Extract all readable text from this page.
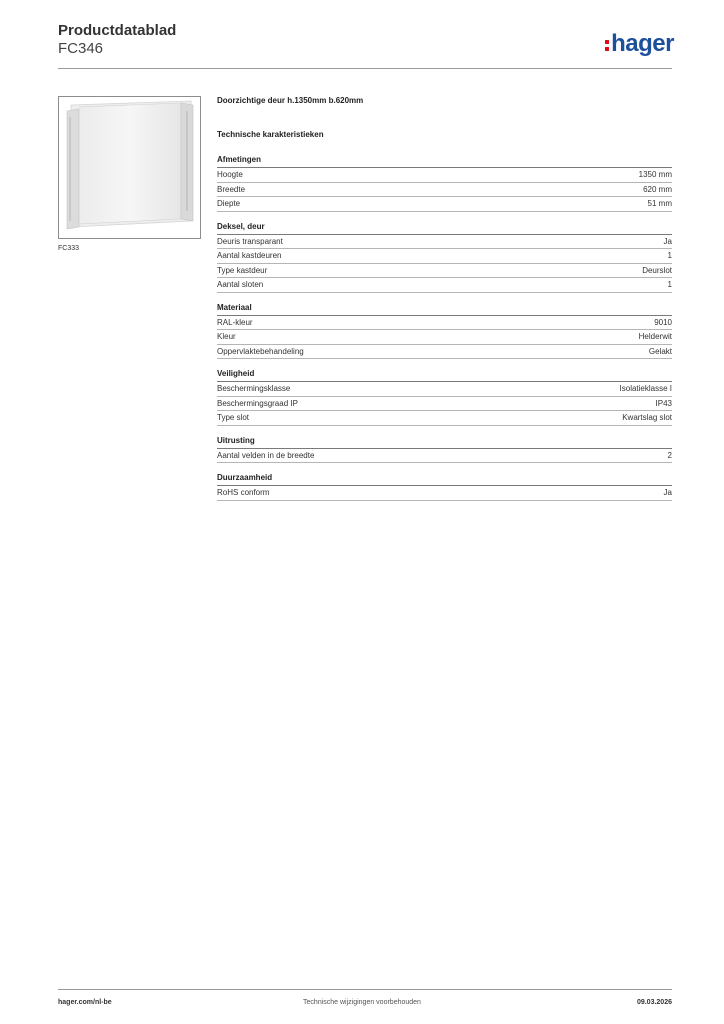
Productdatablad
FC346	hager
FC333
Doorzichtige deur h.1350mm b.620mm
Technische karakteristieken
Afmetingen
Hoogte	1350 mm
Breedte	620 mm
Diepte	51 mm
Deksel, deur
Deuris transparant	Ja
Aantal kastdeuren	1
Type kastdeur	Deurslot
Aantal sloten	1
Materiaal
RAL-kleur	9010
Kleur	Helderwit
Oppervlaktebehandeling	Gelakt
Veiligheid
Beschermingsklasse	Isolatieklasse I
Beschermingsgraad IP	IP43
Type slot	Kwartslag slot
Uitrusting
Aantal velden in de breedte	2
Duurzaamheid
RoHS conform	Ja
hager.com/nl-be	Technische wijzigingen voorbehouden	09.03.2026
